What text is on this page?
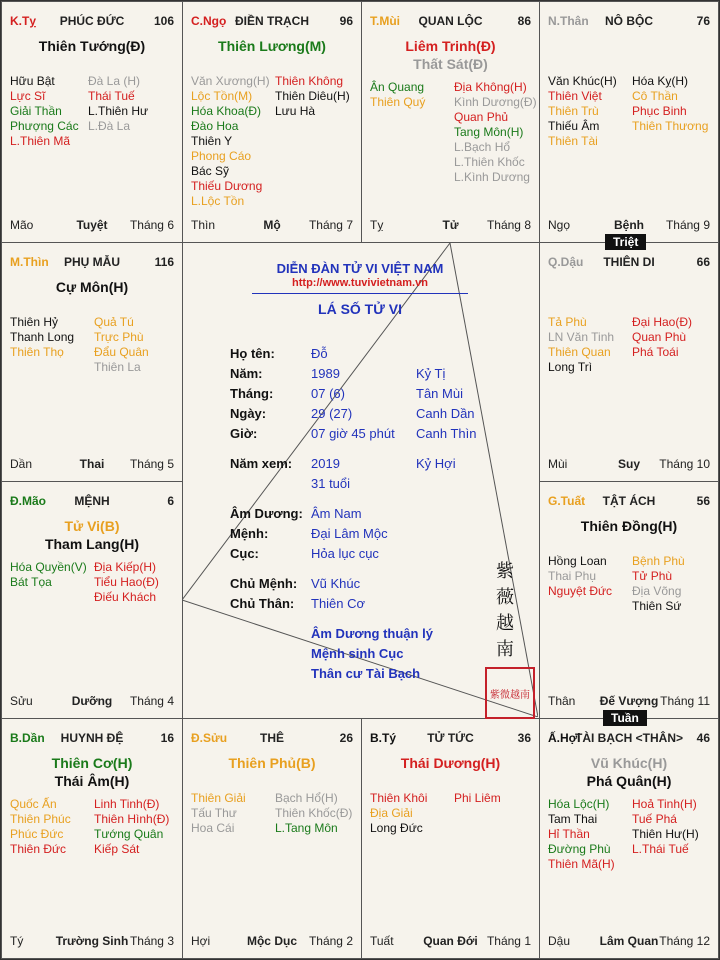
K.Tỵ	PHÚC ĐỨC	106
Thiên Tướng(Đ)
Hữu Bật
Lực Sĩ
Giải Thần
Phượng Các
L.Thiên Mã
Đà La (H)
Thái Tuế
L.Thiên Hư
L.Đà La
Mão	Tuyệt	Tháng 6
C.Ngọ ĐIỀN TRẠCH	96
Thiên Lương(M)
Văn Xương(H)
Lộc Tồn(M)
Hóa Khoa(Đ)
Đào Hoa
Thiên Y
Phong Cáo
Bác Sỹ
Thiếu Dương
L.Lộc Tồn
Thiên Không
Thiên Diêu(H)
Lưu Hà
Thìn	Mộ	Tháng 7
T.Mùi	QUAN LỘC	86
Liêm Trinh(Đ)
Thất Sát(Đ)
Ân Quang
Thiên Quý
Địa Không(H)
Kình Dương(Đ)
Quan Phủ
Tang Môn(H)
L.Bạch Hổ
L.Thiên Khốc
L.Kình Dương
Tỵ	Tử	Tháng 8
N.Thân	NÔ BỘC	76
Văn Khúc(H)
Thiên Việt
Thiên Trù
Thiếu Âm
Thiên Tài
Hóa Kỵ(H)
Cô Thần
Phục Binh
Thiên Thương
Ngọ	Bệnh	Tháng 9
M.Thìn	PHỤ MẪU	116
Cự Môn(H)
Thiên Hỷ
Thanh Long
Thiên Thọ
Quả Tú
Trực Phù
Đẩu Quân
Thiên La
Dần	Thai	Tháng 5
Q.Dậu	THIÊN DI	66
Tả Phù
LN Văn Tinh
Thiên Quan
Long Trì
Đại Hao(Đ)
Quan Phù
Phá Toái
Mùi	Suy	Tháng 10
Đ.Mão	MỆNH	6
Tử Vi(B)
Tham Lang(H)
Hóa Quyền(V)
Bát Tọa
Địa Kiếp(H)
Tiểu Hao(Đ)
Điếu Khách
Sửu	Dưỡng	Tháng 4
G.Tuất	TẬT ÁCH	56
Thiên Đồng(H)
Hồng Loan
Thai Phụ
Nguyệt Đức
Bệnh Phù
Tử Phù
Địa Võng
Thiên Sứ
Thân	Đế Vượng Tháng 11
B.Dần	HUYNH ĐỆ	16
Thiên Cơ(H)
Thái Âm(H)
Quốc Ấn
Thiên Phúc
Phúc Đức
Thiên Đức
Linh Tinh(Đ)
Thiên Hình(Đ)
Tướng Quân
Kiếp Sát
Tý	Trường Sinh Tháng 3
Đ.Sửu	THÊ	26
Thiên Phủ(B)
Thiên Giải
Tấu Thư
Hoa Cái
Bạch Hổ(H)
Thiên Khốc(Đ)
L.Tang Môn
Hợi	Mộc Dục Tháng 2
B.Tý	TỬ TỨC	36
Thái Dương(H)
Thiên Khôi
Địa Giải
Long Đức
Phi Liêm
Tuất	Quan Đới Tháng 1
Ấ.Hợi
TÀI BẠCH <THÂN>	46
Vũ Khúc(H)
Phá Quân(H)
Hóa Lộc(H)
Tam Thai
Hỉ Thần
Đường Phù
Thiên Mã(H)
Hoả Tinh(H)
Tuế Phá
Thiên Hư(H)
L.Thái Tuế
Dậu	Lâm Quan Tháng 12
Triệt
Tuần
DIỄN ĐÀN TỬ VI VIỆT NAM
http://www.tuvivietnam.vn
LÁ SỐ TỬ VI
Họ tên:	Đỗ
Năm:	1989	Kỷ Tị
Tháng:	07 (6)	Tân Mùi
Ngày:	29 (27)	Canh Dần
Giờ:	07 giờ 45 phút Canh Thìn
Năm xem: 2019	Kỷ Hợi
31 tuổi
Âm Dương: Âm Nam
Mệnh:	Đại Lâm Mộc
Cục:	Hỏa lục cục
Chủ Mệnh: Vũ Khúc
Chủ Thân: Thiên Cơ
Âm Dương thuận lý
Mệnh sinh Cục
Thân cư Tài Bạch
紫薇越南
紫微越南
